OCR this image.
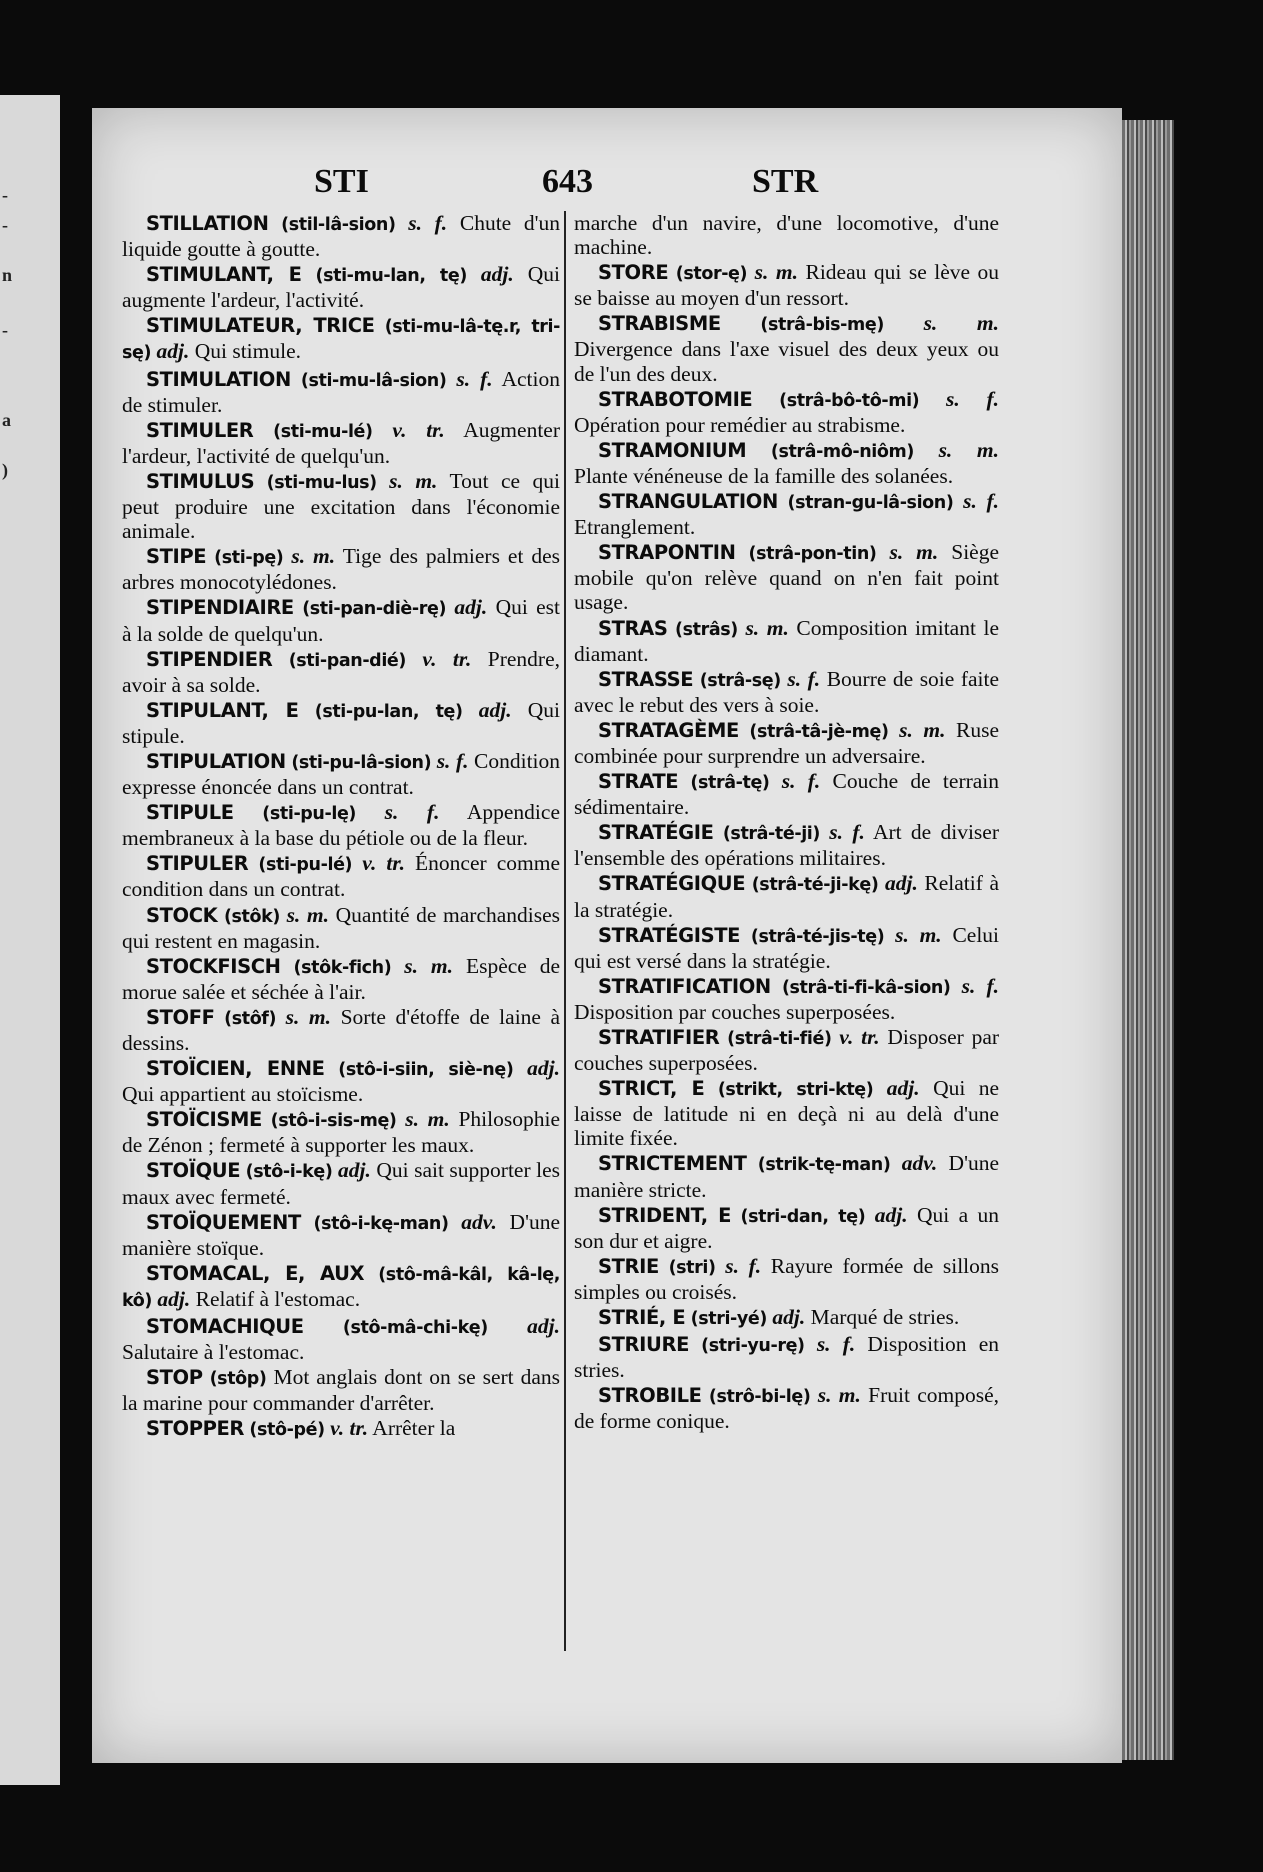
-
-
n
-
a
)
STI	643	STR
STILLATION (stil-lâ-sion) s. f. Chute d'un liquide goutte à goutte.
STIMULANT, E (sti-mu-lan, tę) adj. Qui augmente l'ardeur, l'activité.
STIMULATEUR, TRICE (sti-mu-lâ-tę.r, tri-sę) adj. Qui stimule.
STIMULATION (sti-mu-lâ-sion) s. f. Action de stimuler.
STIMULER (sti-mu-lé) v. tr. Augmenter l'ardeur, l'activité de quelqu'un.
STIMULUS (sti-mu-lus) s. m. Tout ce qui peut produire une excitation dans l'économie animale.
STIPE (sti-pę) s. m. Tige des palmiers et des arbres monocotylédones.
STIPENDIAIRE (sti-pan-diè-rę) adj. Qui est à la solde de quelqu'un.
STIPENDIER (sti-pan-dié) v. tr. Prendre, avoir à sa solde.
STIPULANT, E (sti-pu-lan, tę) adj. Qui stipule.
STIPULATION (sti-pu-lâ-sion) s. f. Condition expresse énoncée dans un contrat.
STIPULE (sti-pu-lę) s. f. Appendice membraneux à la base du pétiole ou de la fleur.
STIPULER (sti-pu-lé) v. tr. Énoncer comme condition dans un contrat.
STOCK (stôk) s. m. Quantité de marchandises qui restent en magasin.
STOCKFISCH (stôk-fich) s. m. Espèce de morue salée et séchée à l'air.
STOFF (stôf) s. m. Sorte d'étoffe de laine à dessins.
STOÏCIEN, ENNE (stô-i-siin, siè-nę) adj. Qui appartient au stoïcisme.
STOÏCISME (stô-i-sis-mę) s. m. Philosophie de Zénon ; fermeté à supporter les maux.
STOÏQUE (stô-i-kę) adj. Qui sait supporter les maux avec fermeté.
STOÏQUEMENT (stô-i-kę-man) adv. D'une manière stoïque.
STOMACAL, E, AUX (stô-mâ-kâl, kâ-lę, kô) adj. Relatif à l'estomac.
STOMACHIQUE (stô-mâ-chi-kę) adj. Salutaire à l'estomac.
STOP (stôp) Mot anglais dont on se sert dans la marine pour commander d'arrêter.
STOPPER (stô-pé) v. tr. Arrêter la
marche d'un navire, d'une locomotive, d'une machine.
STORE (stor-ę) s. m. Rideau qui se lève ou se baisse au moyen d'un ressort.
STRABISME (strâ-bis-mę) s. m. Divergence dans l'axe visuel des deux yeux ou de l'un des deux.
STRABOTOMIE (strâ-bô-tô-mi) s. f. Opération pour remédier au strabisme.
STRAMONIUM (strâ-mô-niôm) s. m. Plante vénéneuse de la famille des solanées.
STRANGULATION (stran-gu-lâ-sion) s. f. Etranglement.
STRAPONTIN (strâ-pon-tin) s. m. Siège mobile qu'on relève quand on n'en fait point usage.
STRAS (strâs) s. m. Composition imitant le diamant.
STRASSE (strâ-sę) s. f. Bourre de soie faite avec le rebut des vers à soie.
STRATAGÈME (strâ-tâ-jè-mę) s. m. Ruse combinée pour surprendre un adversaire.
STRATE (strâ-tę) s. f. Couche de terrain sédimentaire.
STRATÉGIE (strâ-té-ji) s. f. Art de diviser l'ensemble des opérations militaires.
STRATÉGIQUE (strâ-té-ji-kę) adj. Relatif à la stratégie.
STRATÉGISTE (strâ-té-jis-tę) s. m. Celui qui est versé dans la stratégie.
STRATIFICATION (strâ-ti-fi-kâ-sion) s. f. Disposition par couches superposées.
STRATIFIER (strâ-ti-fié) v. tr. Disposer par couches superposées.
STRICT, E (strikt, stri-ktę) adj. Qui ne laisse de latitude ni en deçà ni au delà d'une limite fixée.
STRICTEMENT (strik-tę-man) adv. D'une manière stricte.
STRIDENT, E (stri-dan, tę) adj. Qui a un son dur et aigre.
STRIE (stri) s. f. Rayure formée de sillons simples ou croisés.
STRIÉ, E (stri-yé) adj. Marqué de stries.
STRIURE (stri-yu-rę) s. f. Disposition en stries.
STROBILE (strô-bi-lę) s. m. Fruit composé, de forme conique.
